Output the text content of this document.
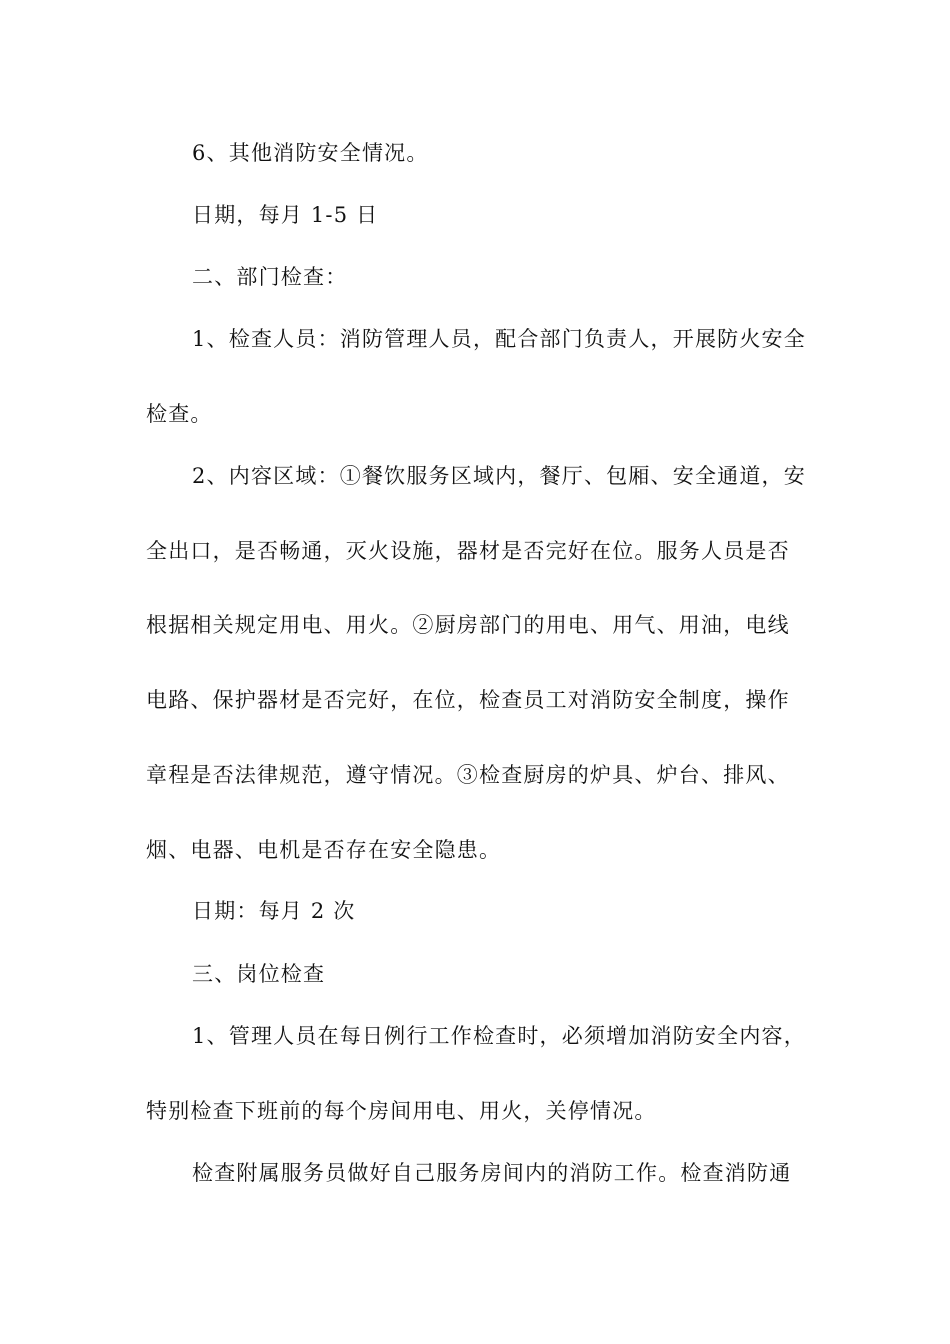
6、其他消防安全情况。
日期，每月 1-5 日
二、部门检查：
1、检查人员：消防管理人员，配合部门负责人，开展防火安全
检查。
2、内容区域：①餐饮服务区域内，餐厅、包厢、安全通道，安
全出口，是否畅通，灭火设施，器材是否完好在位。服务人员是否
根据相关规定用电、用火。②厨房部门的用电、用气、用油，电线
电路、保护器材是否完好，在位，检查员工对消防安全制度，操作
章程是否法律规范，遵守情况。③检查厨房的炉具、炉台、排风、
烟、电器、电机是否存在安全隐患。
日期：每月 2 次
三、岗位检查
1、管理人员在每日例行工作检查时，必须增加消防安全内容，
特别检查下班前的每个房间用电、用火，关停情况。
检查附属服务员做好自己服务房间内的消防工作。检查消防通
